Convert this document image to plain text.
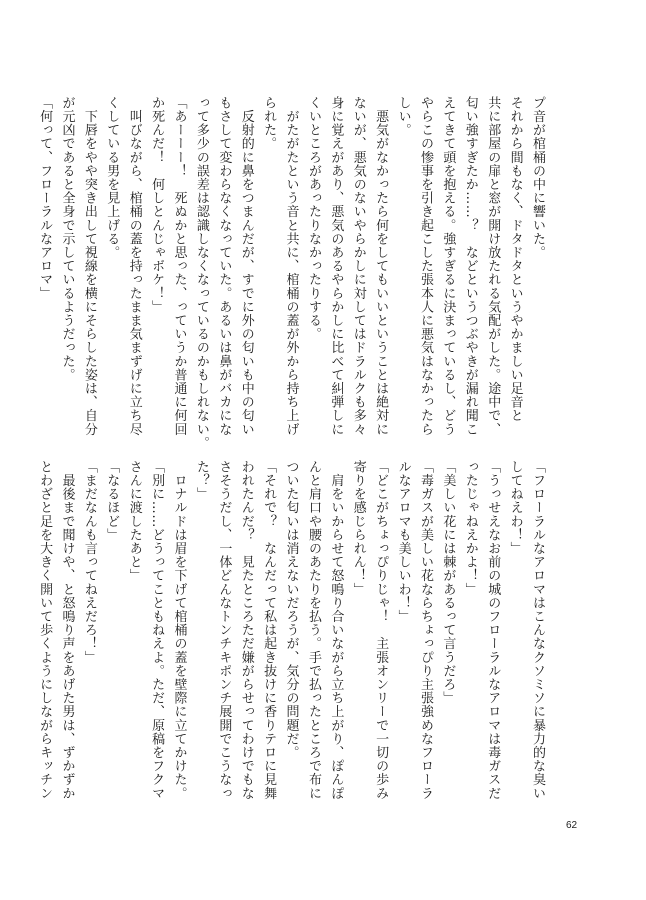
プ音が棺桶の中に響いた。
それから間もなく、ドタドタというやかましい足音と
共に部屋の扉と窓が開け放たれる気配がした。途中で、
匂い強すぎたか……？　などというつぶやきが漏れ聞こ
えてきて頭を抱える。強すぎるに決まっているし、どう
やらこの惨事を引き起こした張本人に悪気はなかったら
しい。
　悪気がなかったら何をしてもいいということは絶対に
ないが、悪気のないやらかしに対してはドラルクも多々
身に覚えがあり、悪気のあるやらかしに比べて糾弾しに
くいところがあったりなかったりする。
　がたがたという音と共に、棺桶の蓋が外から持ち上げ
られた。
　反射的に鼻をつまんだが、すでに外の匂いも中の匂い
もさして変わらなくなっていた。あるいは鼻がバカにな
って多少の誤差は認識しなくなっているのかもしれない。
「あーーー！　死ぬかと思った、っていうか普通に何回
か死んだ！　何しとんじゃボケ！」
　叫びながら、棺桶の蓋を持ったまま気まずげに立ち尽
くしている男を見上げる。
　下唇をやや突き出して視線を横にそらした姿は、自分
が元凶であると全身で示しているようだった。
「何って、フローラルなアロマ」
「フローラルなアロマはこんなクソミソに暴力的な臭い
してねえわ！」
「うっせえなお前の城のフローラルなアロマは毒ガスだ
ったじゃねえかよ！」
「美しい花には棘があるって言うだろ」
「毒ガスが美しい花ならちょっぴり主張強めなフローラ
ルなアロマも美しいわ！」
「どこがちょっぴりじゃ！　主張オンリーで一切の歩み
寄りを感じられん！」
　肩をいからせて怒鳴り合いながら立ち上がり、ぽんぽ
んと肩口や腰のあたりを払う。手で払ったところで布に
ついた匂いは消えないだろうが、気分の問題だ。
「それで？　なんだって私は起き抜けに香りテロに見舞
われたんだ？　見たところただ嫌がらせってわけでもな
さそうだし、一体どんなトンチキポンチ展開でこうなっ
た？」
　ロナルドは眉を下げて棺桶の蓋を壁際に立てかけた。
「別に……どうってこともねえよ。ただ、原稿をフクマ
さんに渡したあと」
「なるほど」
「まだなんも言ってねえだろ！」
　最後まで聞けや、と怒鳴り声をあげた男は、ずかずか
とわざと足を大きく開いて歩くようにしながらキッチン
62
